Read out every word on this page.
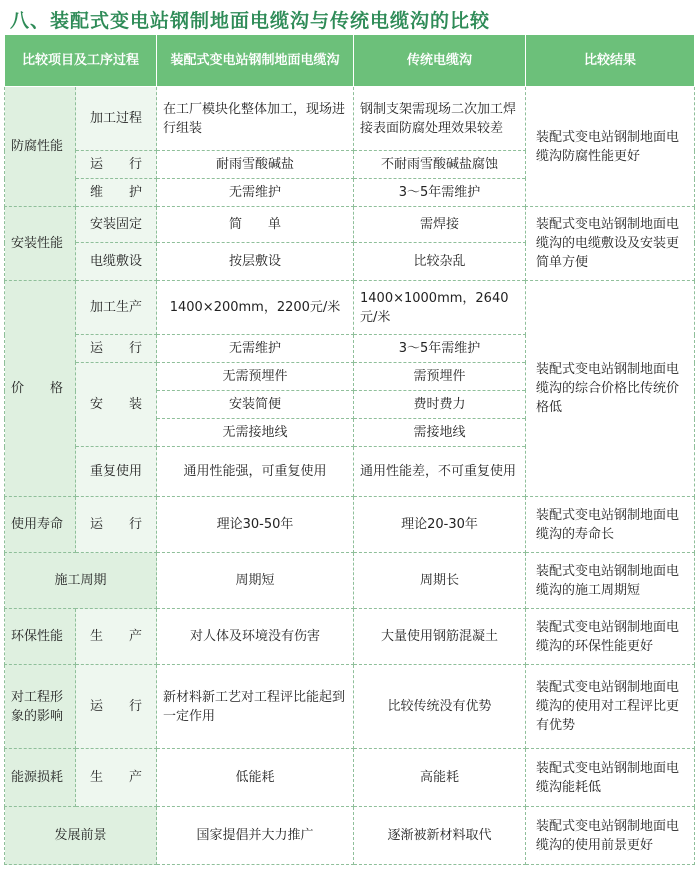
八、装配式变电站钢制地面电缆沟与传统电缆沟的比较
比较项目及工序过程		装配式变电站钢制地面电缆沟	传统电缆沟	比较结果
防腐性能	加工过程	在工厂模块化整体加工，现场进行组装	钢制支架需现场二次加工焊接表面防腐处理效果较差	装配式变电站钢制地面电缆沟防腐性能更好
	运　　行	耐雨雪酸碱盐	不耐雨雪酸碱盐腐蚀	
	维　　护	无需维护	3～5年需维护	
安装性能	安装固定	简　　单	需焊接	装配式变电站钢制地面电缆沟的电缆敷设及安装更简单方便
	电缆敷设	按层敷设	比较杂乱	
价　　格	加工生产	1400×200mm，2200元/米	1400×1000mm，2640元/米	装配式变电站钢制地面电缆沟的综合价格比传统价格低
	运　　行	无需维护	3～5年需维护	
	安　　装	无需预埋件	需预埋件	
		安装简便	费时费力	
		无需接地线	需接地线	
	重复使用	通用性能强，可重复使用	通用性能差，不可重复使用	
使用寿命	运　　行	理论30-50年	理论20-30年	装配式变电站钢制地面电缆沟的寿命长
施工周期		周期短	周期长	装配式变电站钢制地面电缆沟的施工周期短
环保性能	生　　产	对人体及环境没有伤害	大量使用钢筋混凝土	装配式变电站钢制地面电缆沟的环保性能更好
对工程形象的影响	运　　行	新材料新工艺对工程评比能起到一定作用	比较传统没有优势	装配式变电站钢制地面电缆沟的使用对工程评比更有优势
能源损耗	生　　产	低能耗	高能耗	装配式变电站钢制地面电缆沟能耗低
发展前景		国家提倡并大力推广	逐渐被新材料取代	装配式变电站钢制地面电缆沟的使用前景更好
